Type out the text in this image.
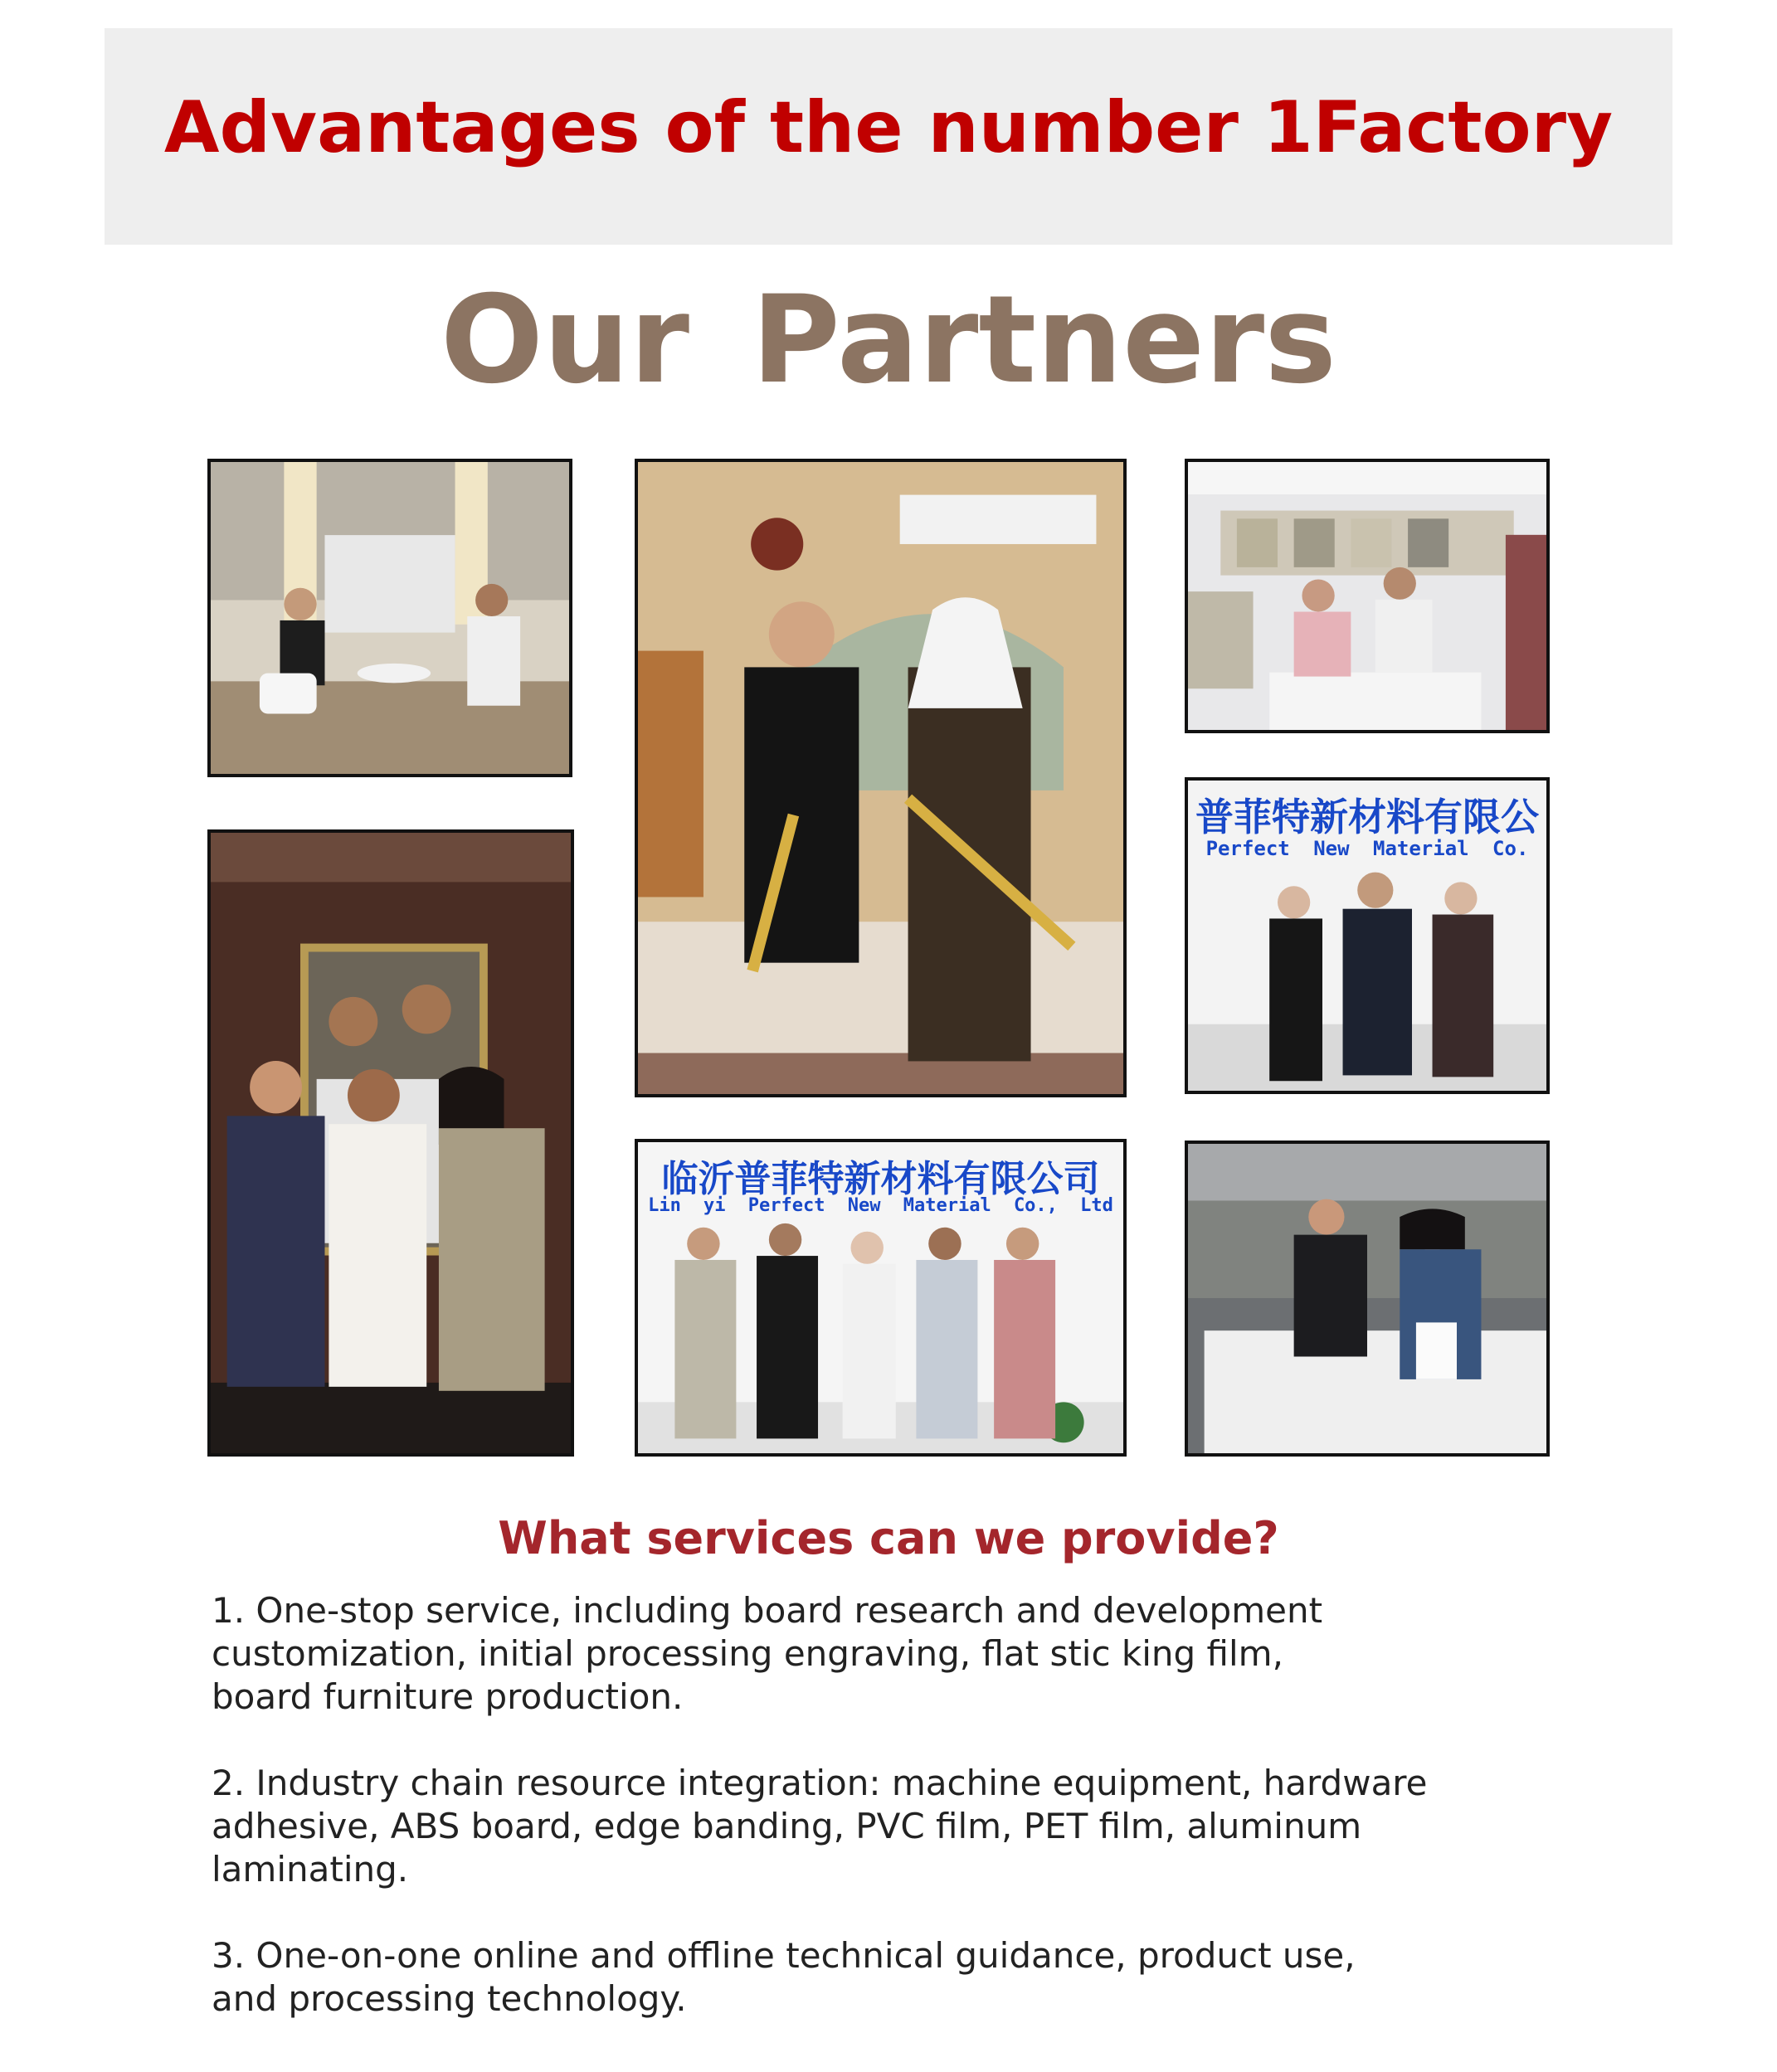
Advantages of the number 1Factory
Our Partners
普菲特新材料有限公
Perfect New Material Co.
临沂普菲特新材料有限公司
Lin yi Perfect New Material Co., Ltd
What services can we provide?

1. One-stop service, including board research and development
customization, initial processing engraving, flat stic king film,
board furniture production.

2. Industry chain resource integration: machine equipment, hardware
adhesive, ABS board, edge banding, PVC film, PET film, aluminum
laminating.

3. One-on-one online and offline technical guidance, product use,
and processing technology.
